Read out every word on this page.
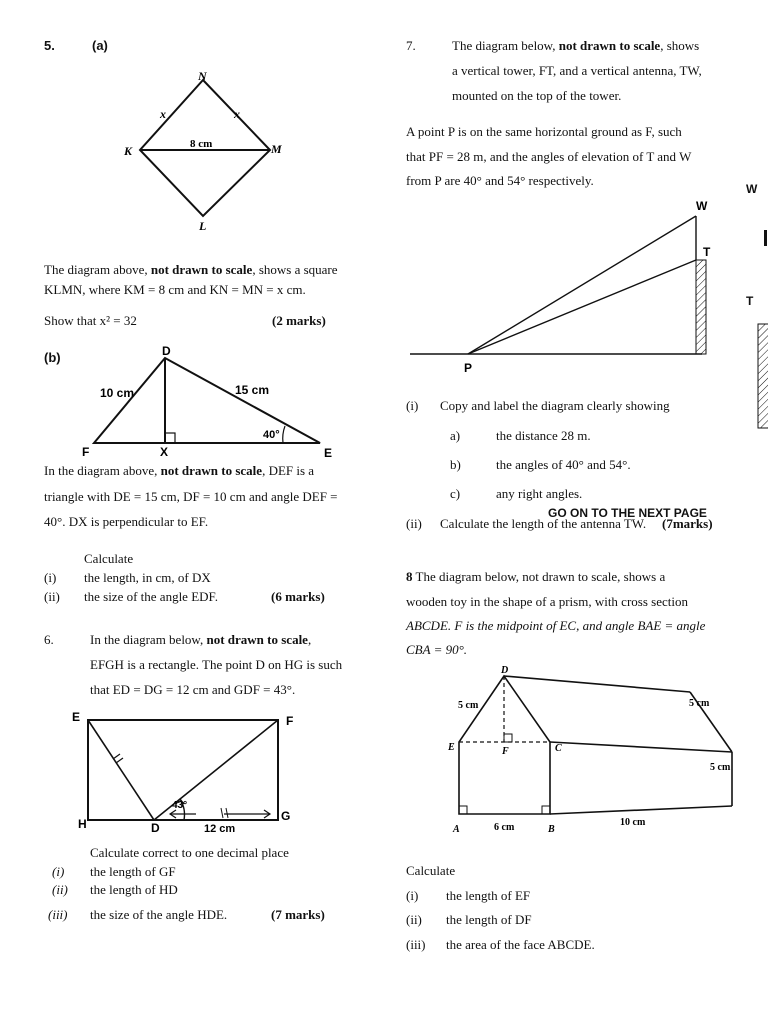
5.	(a)
N
K	M
L
x	x
8 cm
The diagram above, not drawn to scale, shows a square
KLMN, where KM = 8 cm and KN = MN = x cm.
Show that x² = 32	(2 marks)
(b)	D
F	X	E
10 cm	15 cm
40°
In the diagram above, not drawn to scale, DEF is a
triangle with DE = 15 cm, DF = 10 cm and angle DEF =
40°. DX is perpendicular to EF.
Calculate
(i) the length, in cm, of DX
(ii) the size of the angle EDF.	(6 marks)
6.	In the diagram below, not drawn to scale,
EFGH is a rectangle. The point D on HG is such
that ED = DG = 12 cm and GDF = 43°.
E	F
G
H	D
43°
12 cm
Calculate correct to one decimal place
(i) the length of GF
(ii) the length of HD
(iii) the size of the angle HDE.	(7 marks)
7.	The diagram below, not drawn to scale, shows
a vertical tower, FT, and a vertical antenna, TW,
mounted on the top of the tower.
A point P is on the same horizontal ground as F, such
that PF = 28 m, and the angles of elevation of T and W
from P are 40° and 54° respectively.
W
T
P
W
T
(i) Copy and label the diagram clearly showing
a)	the distance 28 m.
b)	the angles of 40° and 54°.
c)	any right angles.
GO ON TO THE NEXT PAGE
(ii) Calculate the length of the antenna TW. (7marks)
8 The diagram below, not drawn to scale, shows a
wooden toy in the shape of a prism, with cross section
ABCDE. F is the midpoint of EC, and angle BAE = angle
CBA = 90°.
D
E	F	C
A	B
5 cm	5 cm
5 cm
6 cm	10 cm
Calculate
(i) the length of EF
(ii) the length of DF
(iii) the area of the face ABCDE.
